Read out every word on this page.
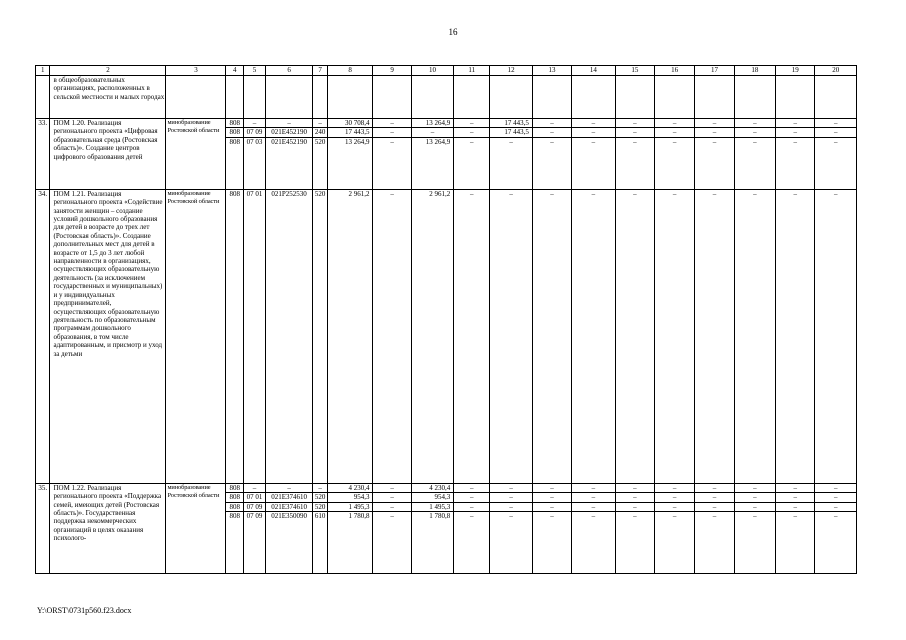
16
1	2	3	4	5	6	7	8	9	10	11	12	13	14	15	16	17	18	19	20
	в общеобразовательных организациях, расположенных в сельской местности и малых городах																		
33.	ПОМ 1.20. Реализация регионального проекта «Цифровая образовательная среда (Ростовская область)». Создание центров цифрового образования детей	минобразование Ростовской области	808	–	–	–	30 708,4	–	13 264,9	–	17 443,5	–	–	–	–	–	–	–	–
			808	07 09	021E452190	240	17 443,5	–	–	–	17 443,5	–	–	–	–	–	–	–	–
			808	07 03	021E452190	520	13 264,9	–	13 264,9	–	–	–	–	–	–	–	–	–	–
34.	ПОМ 1.21. Реализация регионального проекта «Содействие занятости женщин – создание условий дошкольного образования для детей в возрасте до трех лет (Ростовская область)». Создание дополнительных мест для детей в возрасте от 1,5 до 3 лет любой направленности в организациях, осуществляющих образовательную деятельность (за исключением государственных и муниципальных) и у индивидуальных предпринимателей, осуществляющих образовательную деятельность по образовательным программам дошкольного образования, в том числе адаптированным, и присмотр и уход за детьми	минобразование Ростовской области	808	07 01	021P252530	520	2 961,2	–	2 961,2	–	–	–	–	–	–	–	–	–	–
35.	ПОМ 1.22. Реализация регионального проекта «Поддержка семей, имеющих детей (Ростовская область)». Государственная поддержка некоммерческих организаций в целях оказания психолого-	минобразование Ростовской области	808	–	–	–	4 230,4	–	4 230,4	–	–	–	–	–	–	–	–	–	–
			808	07 01	021E374610	520	954,3	–	954,3	–	–	–	–	–	–	–	–	–	–
			808	07 09	021E374610	520	1 495,3	–	1 495,3	–	–	–	–	–	–	–	–	–	–
			808	07 09	021E350090	610	1 780,8	–	1 780,8	–	–	–	–	–	–	–	–	–	–
Y:\ORST\0731p560.f23.docx
